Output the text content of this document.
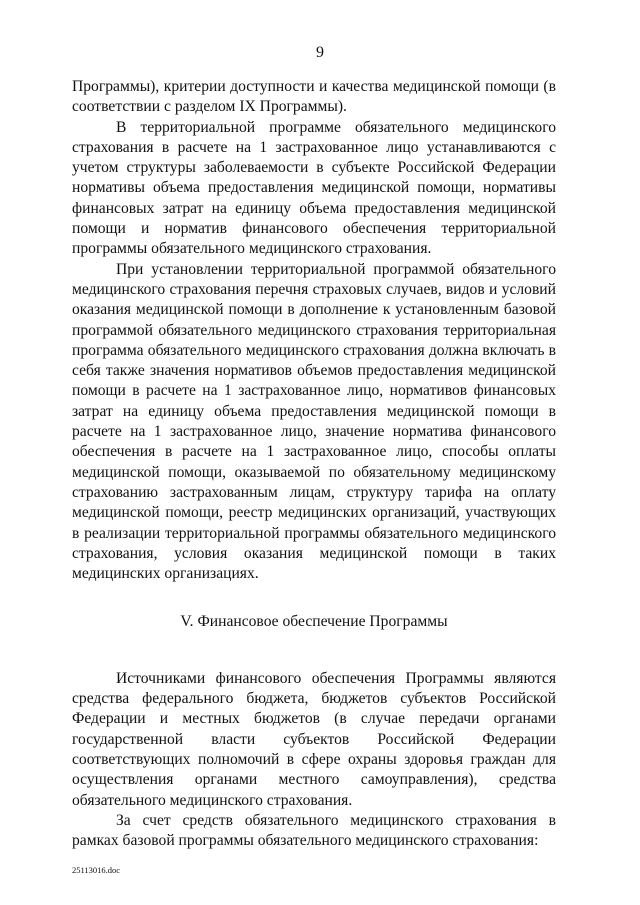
9

Программы), критерии доступности и качества медицинской помощи (в соответствии с разделом IX Программы).

В территориальной программе обязательного медицинского страхования в расчете на 1 застрахованное лицо устанавливаются с учетом структуры заболеваемости в субъекте Российской Федерации нормативы объема предоставления медицинской помощи, нормативы финансовых затрат на единицу объема предоставления медицинской помощи и норматив финансового обеспечения территориальной программы обязательного медицинского страхования.

При установлении территориальной программой обязательного медицинского страхования перечня страховых случаев, видов и условий оказания медицинской помощи в дополнение к установленным базовой программой обязательного медицинского страхования территориальная программа обязательного медицинского страхования должна включать в себя также значения нормативов объемов предоставления медицинской помощи в расчете на 1 застрахованное лицо, нормативов финансовых затрат на единицу объема предоставления медицинской помощи в расчете на 1 застрахованное лицо, значение норматива финансового обеспечения в расчете на 1 застрахованное лицо, способы оплаты медицинской помощи, оказываемой по обязательному медицинскому страхованию застрахованным лицам, структуру тарифа на оплату медицинской помощи, реестр медицинских организаций, участвующих в реализации территориальной программы обязательного медицинского страхования, условия оказания медицинской помощи в таких медицинских организациях.

V. Финансовое обеспечение Программы

Источниками финансового обеспечения Программы являются средства федерального бюджета, бюджетов субъектов Российской Федерации и местных бюджетов (в случае передачи органами государственной власти субъектов Российской Федерации соответствующих полномочий в сфере охраны здоровья граждан для осуществления органами местного самоуправления), средства обязательного медицинского страхования.

За счет средств обязательного медицинского страхования в рамках базовой программы обязательного медицинского страхования:

25113016.doc
